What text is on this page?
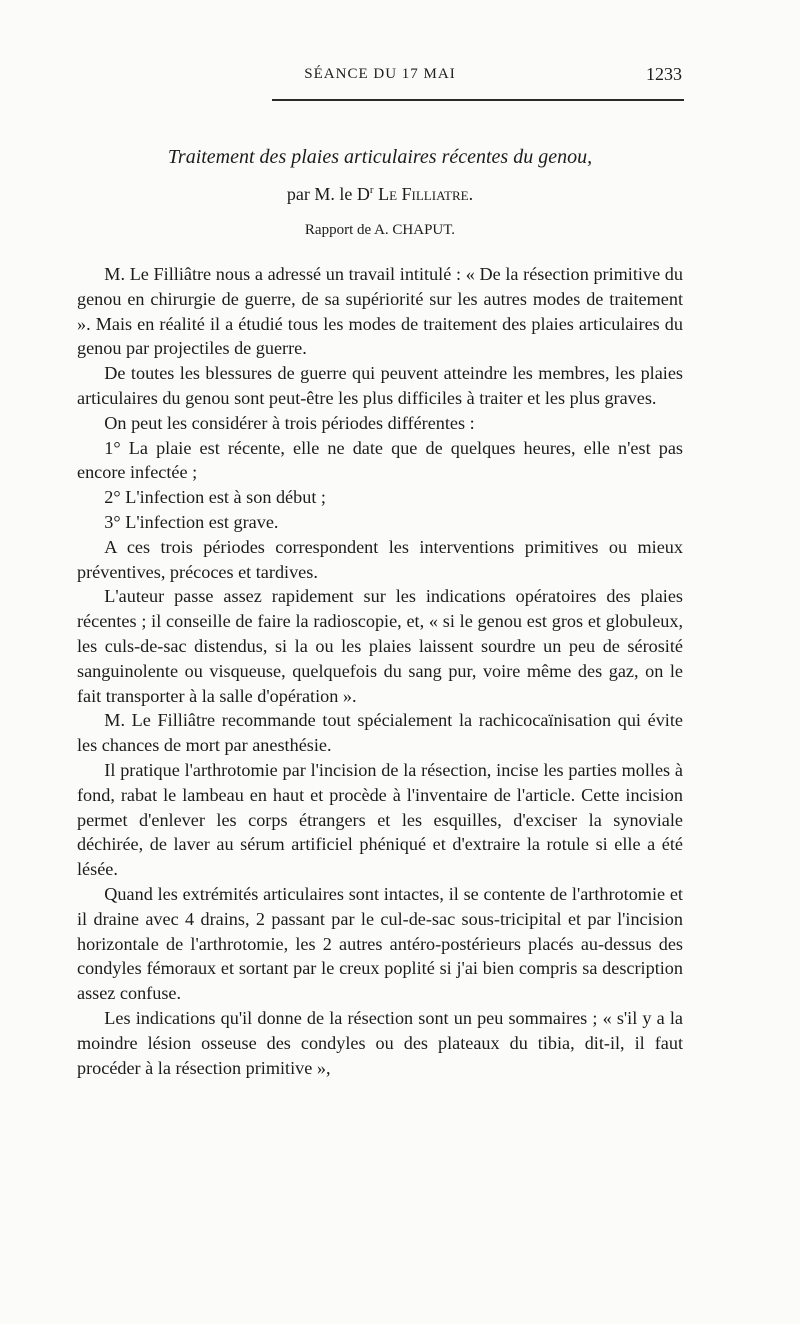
SÉANCE DU 17 MAI	1233
Traitement des plaies articulaires récentes du genou,
par M. le $D^r$ Le Filliatre.
Rapport de A. CHAPUT.

M. Le Filliâtre nous a adressé un travail intitulé : « De la résection primitive du genou en chirurgie de guerre, de sa supériorité sur les autres modes de traitement ». Mais en réalité il a étudié tous les modes de traitement des plaies articulaires du genou par projectiles de guerre.

De toutes les blessures de guerre qui peuvent atteindre les membres, les plaies articulaires du genou sont peut-être les plus difficiles à traiter et les plus graves.

On peut les considérer à trois périodes différentes :

1° La plaie est récente, elle ne date que de quelques heures, elle n'est pas encore infectée ;

2° L'infection est à son début ;

3° L'infection est grave.

A ces trois périodes correspondent les interventions primitives ou mieux préventives, précoces et tardives.

L'auteur passe assez rapidement sur les indications opératoires des plaies récentes ; il conseille de faire la radioscopie, et, « si le genou est gros et globuleux, les culs-de-sac distendus, si la ou les plaies laissent sourdre un peu de sérosité sanguinolente ou visqueuse, quelquefois du sang pur, voire même des gaz, on le fait transporter à la salle d'opération ».

M. Le Filliâtre recommande tout spécialement la rachicocaïnisation qui évite les chances de mort par anesthésie.

Il pratique l'arthrotomie par l'incision de la résection, incise les parties molles à fond, rabat le lambeau en haut et procède à l'inventaire de l'article. Cette incision permet d'enlever les corps étrangers et les esquilles, d'exciser la synoviale déchirée, de laver au sérum artificiel phéniqué et d'extraire la rotule si elle a été lésée.

Quand les extrémités articulaires sont intactes, il se contente de l'arthrotomie et il draine avec 4 drains, 2 passant par le cul-de-sac sous-tricipital et par l'incision horizontale de l'arthrotomie, les 2 autres antéro-postérieurs placés au-dessus des condyles fémoraux et sortant par le creux poplité si j'ai bien compris sa description assez confuse.

Les indications qu'il donne de la résection sont un peu sommaires ; « s'il y a la moindre lésion osseuse des condyles ou des plateaux du tibia, dit-il, il faut procéder à la résection primitive »,
